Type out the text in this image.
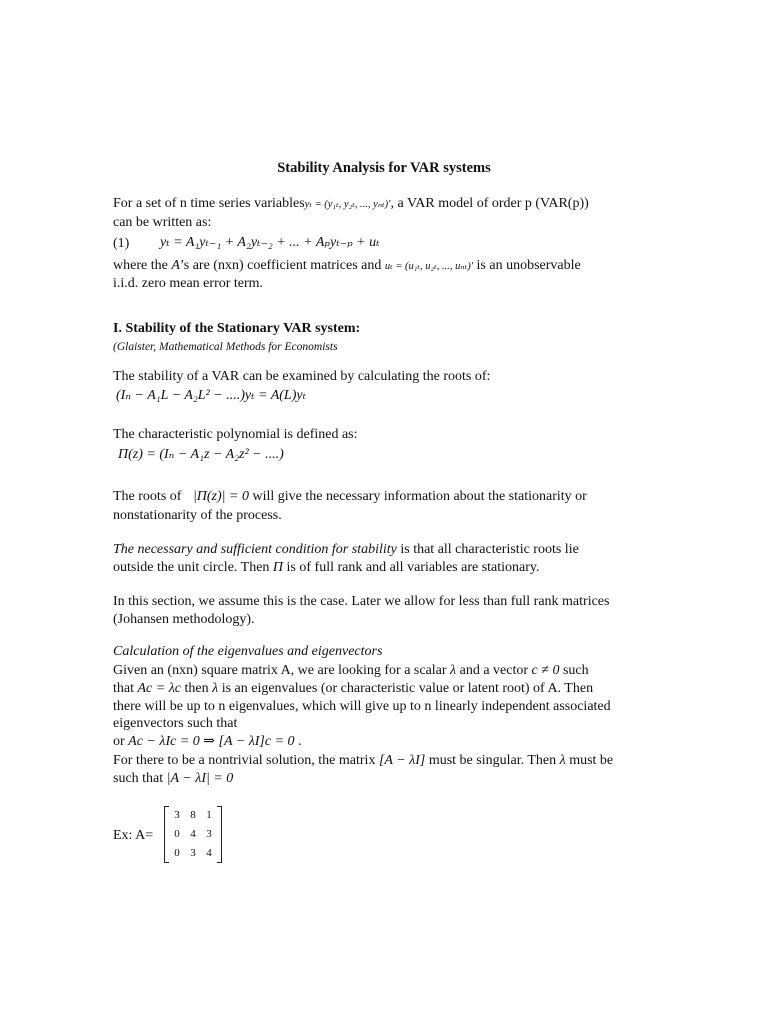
Stability Analysis for VAR systems
For a set of n time series variablesyₜ = (y₁ₜ, y₂ₜ, ..., yₙₜ)′, a VAR model of order p (VAR(p))
can be written as:
(1) yₜ = A₁yₜ₋₁ + A₂yₜ₋₂ + ... + Aₚyₜ₋ₚ + uₜ
where the A’s are (nxn) coefficient matrices and uₜ = (u₁ₜ, u₂ₜ, ..., uₙₜ)′ is an unobservable
i.i.d. zero mean error term.
I. Stability of the Stationary VAR system:
(Glaister, Mathematical Methods for Economists
The stability of a VAR can be examined by calculating the roots of:
(Iₙ − A₁L − A₂L² − ....)yₜ = A(L)yₜ
The characteristic polynomial is defined as:
Π(z) = (Iₙ − A₁z − A₂z² − ....)
The roots of |Π(z)| = 0 will give the necessary information about the stationarity or
nonstationarity of the process.
The necessary and sufficient condition for stability is that all characteristic roots lie
outside the unit circle. Then Π is of full rank and all variables are stationary.
In this section, we assume this is the case. Later we allow for less than full rank matrices
(Johansen methodology).
Calculation of the eigenvalues and eigenvectors
Given an (nxn) square matrix A, we are looking for a scalar λ and a vector c ≠ 0 such
that Ac = λc then λ is an eigenvalues (or characteristic value or latent root) of A. Then
there will be up to n eigenvalues, which will give up to n linearly independent associated
eigenvectors such that
or Ac − λIc = 0 ⇒ [A − λI]c = 0 .
For there to be a nontrivial solution, the matrix [A − λI] must be singular. Then λ must be
such that |A − λI| = 0
Ex: A=
3 8 1
0 4 3
0 3 4
